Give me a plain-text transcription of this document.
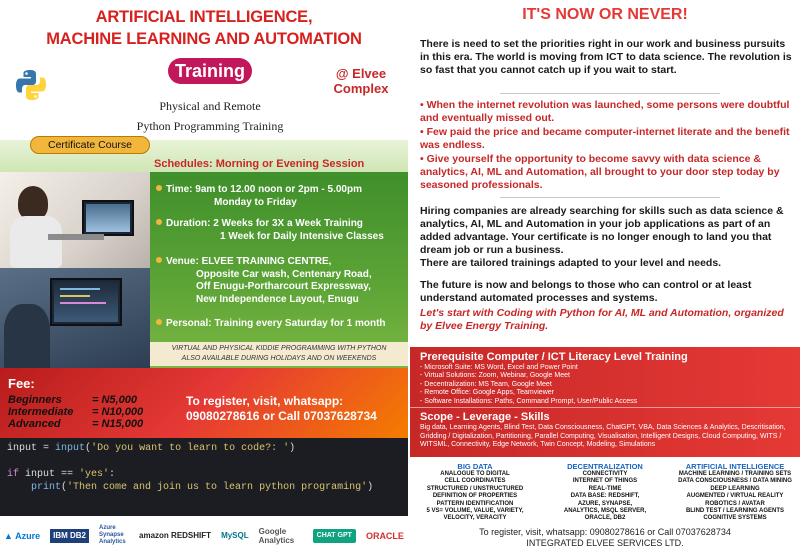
ARTIFICIAL INTELLIGENCE,
MACHINE LEARNING AND AUTOMATION
Training	@ Elvee
Complex
Physical and Remote
Python Programming Training
Certificate Course
Schedules: Morning or Evening Session
Time: 9am to 12.00 noon or 2pm - 5.00pm
Monday to Friday
Duration: 2 Weeks for 3X a Week Training
1 Week for Daily Intensive Classes
Venue: ELVEE TRAINING CENTRE,
Opposite Car wash, Centenary Road,
Off Enugu-Portharcourt Expressway,
New Independence Layout, Enugu
Personal: Training every Saturday for 1 month
VIRTUAL AND PHYSICAL KIDDIE PROGRAMMING WITH PYTHON
ALSO AVAILABLE DURING HOLIDAYS AND ON WEEKENDS
Fee:
Beginners	= N5,000
Intermediate = N10,000
Advanced	= N15,000
To register, visit, whatsapp:
09080278616 or Call 07037628734
input = input('Do you want to learn to code?: ')

if input == 'yes':
print('Then come and join us to learn python programing')
▲ Azure	IBM DB2
Azure Synapse Analytics
amazon REDSHIFT MySQL Google Analytics
CHAT GPT	ORACLE
IT'S NOW OR NEVER!
There is need to set the priorities right in our work and business pursuits in this era. The world is moving from ICT to data science. The revolution is so fast that you cannot catch up if you wait to start.
• When the internet revolution was launched, some persons were doubtful and eventually missed out.
• Few paid the price and became computer-internet literate and the benefit was endless.
• Give yourself the opportunity to become savvy with data science & analytics, AI, ML and Automation, all brought to your door step today by seasoned professionals.
Hiring companies are already searching for skills such as data science & analytics, AI, ML and Automation in your job applications as part of an added advantage. Your certificate is no longer enough to land you that dream job or run a business.
There are tailored trainings adapted to your level and needs.
The future is now and belongs to those who can control or at least understand automated processes and systems.
Let's start with Coding with Python for AI, ML and Automation, organized by Elvee Energy Training.
Prerequisite Computer / ICT Literacy Level Training
- Microsoft Suite: MS Word, Excel and Power Point
- Virtual Solutions: Zoom, Webinar, Google Meet
- Decentralization: MS Team, Google Meet
- Remote Office: Google Apps, Teamviewer
- Software Installations: Paths, Command Prompt, User/Public Access
Scope - Leverage - Skills
Big data, Learning Agents, Blind Test, Data Consciousness, ChatGPT, VBA, Data Sciences & Analytics, Descritisation, Gridding / Digitalization, Partitioning, Parallel Computing, Visualisation, Intelligent Designs, Cloud Computing, WITS / WITSML, Connectivity, Edge Network, Twin Concept, Modeling, Simulations
BIG DATA
ANALOGUE TO DIGITAL
CELL COORDINATES
STRUCTURED / UNSTRUCTURED
DEFINITION OF PROPERTIES
PATTERN IDENTIFICATION
5 VS= VOLUME, VALUE, VARIETY,
VELOCITY, VERACITY
DECENTRALIZATION
CONNECTIVITY
INTERNET OF THINGS
REAL-TIME
DATA BASE: REDSHIFT,
AZURE, SYNAPSE,
ANALYTICS, MSQL SERVER,
ORACLE, DB2
ARTIFICIAL INTELLIGENCE
MACHINE LEARNING / TRAINING SETS
DATA CONSCIOUSNESS / DATA MINING
DEEP LEARNING
AUGMENTED / VIRTUAL REALITY
ROBOTICS / AVATAR
BLIND TEST / LEARNING AGENTS
COGNITIVE SYSTEMS
To register, visit, whatsapp: 09080278616 or Call 07037628734
INTEGRATED ELVEE SERVICES LTD.
